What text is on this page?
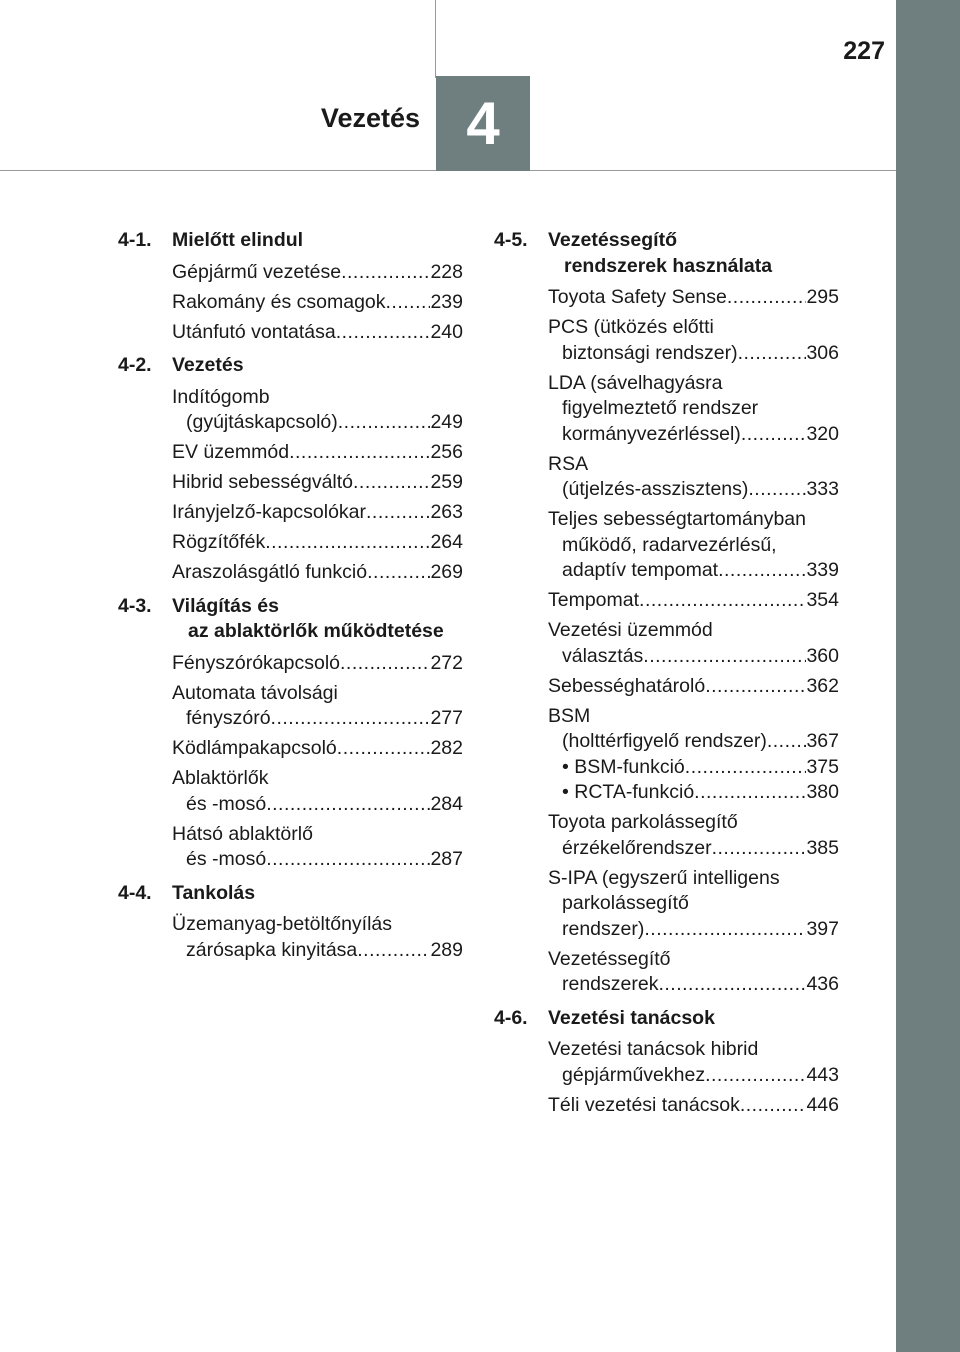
227
Vezetés 4
4-1.	Mielőtt elindul
Gépjármű vezetése .....	228
Rakomány és csomagok ..... 239
Utánfutó vontatása .....	240
4-2.	Vezetés
Indítógomb
(gyújtáskapcsoló) .....	249
EV üzemmód .....	256
Hibrid sebességváltó .....	259
Irányjelző-kapcsolókar .....	263
Rögzítőfék .....	264
Araszolásgátló funkció .....	269
4-3.	Világítás és
az ablaktörlők működtetése
Fényszórókapcsoló .....	272
Automata távolsági
fényszóró .....	277
Ködlámpakapcsoló .....	282
Ablaktörlők
és -mosó .....	284
Hátsó ablaktörlő
és -mosó .....	287
4-4.	Tankolás
Üzemanyag-betöltőnyílás
zárósapka kinyitása .....	289
4-5.	Vezetéssegítő
rendszerek használata
Toyota Safety Sense .....	295
PCS (ütközés előtti
biztonsági rendszer) .....	306
LDA (sávelhagyásra
figyelmeztető rendszer
kormányvezérléssel) .....	320
RSA
(útjelzés-asszisztens) .....	333
Teljes sebességtartományban
működő, radarvezérlésű,
adaptív tempomat .....	339
Tempomat .....	354
Vezetési üzemmód
választás .....	360
Sebességhatároló .....	362
BSM
(holttérfigyelő rendszer) ..... 367
• BSM-funkció .....	375
• RCTA-funkció .....	380
Toyota parkolássegítő
érzékelőrendszer .....	385
S-IPA (egyszerű intelligens
parkolássegítő
rendszer) .....	397
Vezetéssegítő
rendszerek .....	436
4-6.	Vezetési tanácsok
Vezetési tanácsok hibrid
gépjárművekhez .....	443
Téli vezetési tanácsok .....	446
